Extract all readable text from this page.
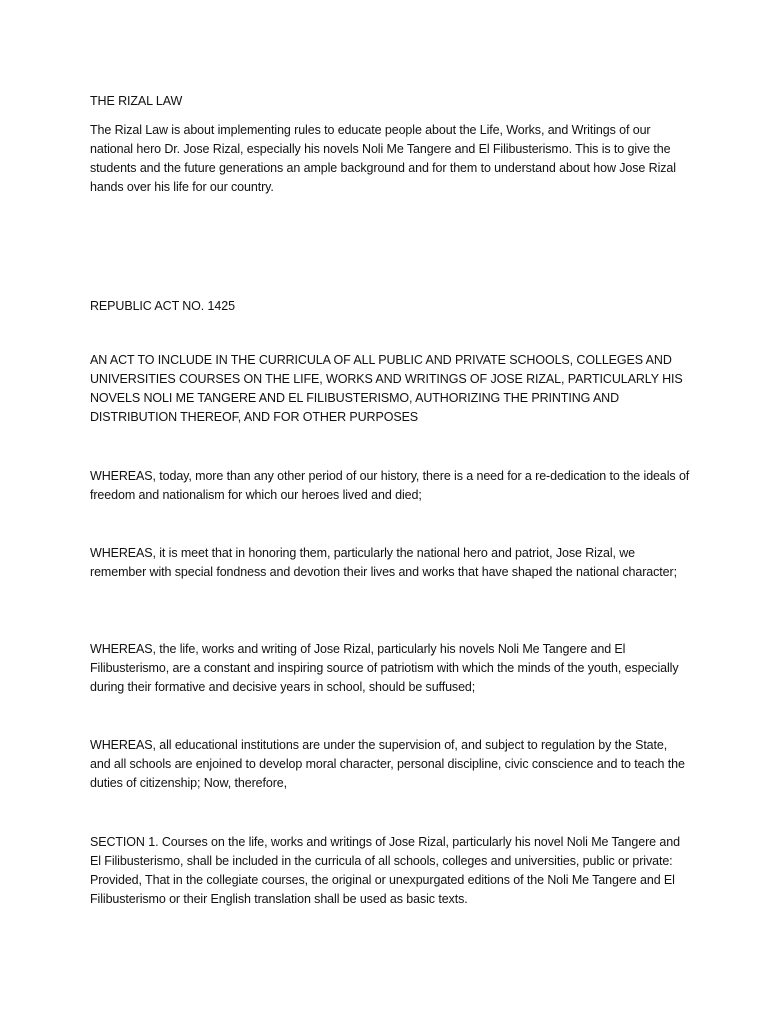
THE RIZAL LAW

The Rizal Law is about implementing rules to educate people about the Life, Works, and Writings of our national hero Dr. Jose Rizal, especially his novels Noli Me Tangere and El Filibusterismo. This is to give the students and the future generations an ample background and for them to understand about how Jose Rizal hands over his life for our country.

REPUBLIC ACT NO. 1425

AN ACT TO INCLUDE IN THE CURRICULA OF ALL PUBLIC AND PRIVATE SCHOOLS, COLLEGES AND UNIVERSITIES COURSES ON THE LIFE, WORKS AND WRITINGS OF JOSE RIZAL, PARTICULARLY HIS NOVELS NOLI ME TANGERE AND EL FILIBUSTERISMO, AUTHORIZING THE PRINTING AND DISTRIBUTION THEREOF, AND FOR OTHER PURPOSES

WHEREAS, today, more than any other period of our history, there is a need for a re-dedication to the ideals of freedom and nationalism for which our heroes lived and died;

WHEREAS, it is meet that in honoring them, particularly the national hero and patriot, Jose Rizal, we remember with special fondness and devotion their lives and works that have shaped the national character;

WHEREAS, the life, works and writing of Jose Rizal, particularly his novels Noli Me Tangere and El Filibusterismo, are a constant and inspiring source of patriotism with which the minds of the youth, especially during their formative and decisive years in school, should be suffused;

WHEREAS, all educational institutions are under the supervision of, and subject to regulation by the State, and all schools are enjoined to develop moral character, personal discipline, civic conscience and to teach the duties of citizenship; Now, therefore,

SECTION 1. Courses on the life, works and writings of Jose Rizal, particularly his novel Noli Me Tangere and El Filibusterismo, shall be included in the curricula of all schools, colleges and universities, public or private: Provided, That in the collegiate courses, the original or unexpurgated editions of the Noli Me Tangere and El Filibusterismo or their English translation shall be used as basic texts.
